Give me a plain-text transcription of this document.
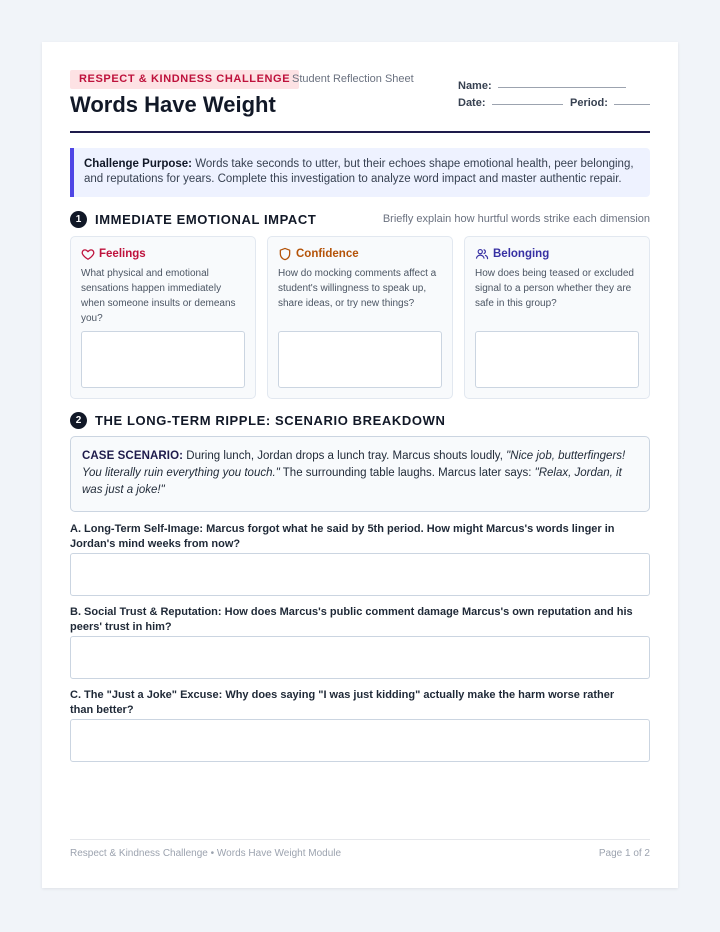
RESPECT & KINDNESS CHALLENGE Student Reflection Sheet
Words Have Weight
Name:
Date:	Period:
Challenge Purpose: Words take seconds to utter, but their echoes shape emotional health, peer belonging, and reputations for years. Complete this investigation to analyze word impact and master authentic repair.
1	IMMEDIATE EMOTIONAL IMPACT	Briefly explain how hurtful words strike each dimension
Feelings
What physical and emotional sensations happen immediately when someone insults or demeans you?
Confidence
How do mocking comments affect a student's willingness to speak up, share ideas, or try new things?
Belonging
How does being teased or excluded signal to a person whether they are safe in this group?
2	THE LONG-TERM RIPPLE: SCENARIO BREAKDOWN
CASE SCENARIO: During lunch, Jordan drops a lunch tray. Marcus shouts loudly, "Nice job, butterfingers! You literally ruin everything you touch." The surrounding table laughs. Marcus later says: "Relax, Jordan, it was just a joke!"
A. Long-Term Self-Image: Marcus forgot what he said by 5th period. How might Marcus's words linger in Jordan's mind weeks from now?
B. Social Trust & Reputation: How does Marcus's public comment damage Marcus's own reputation and his peers' trust in him?
C. The "Just a Joke" Excuse: Why does saying "I was just kidding" actually make the harm worse rather than better?
Respect & Kindness Challenge • Words Have Weight Module	Page 1 of 2
